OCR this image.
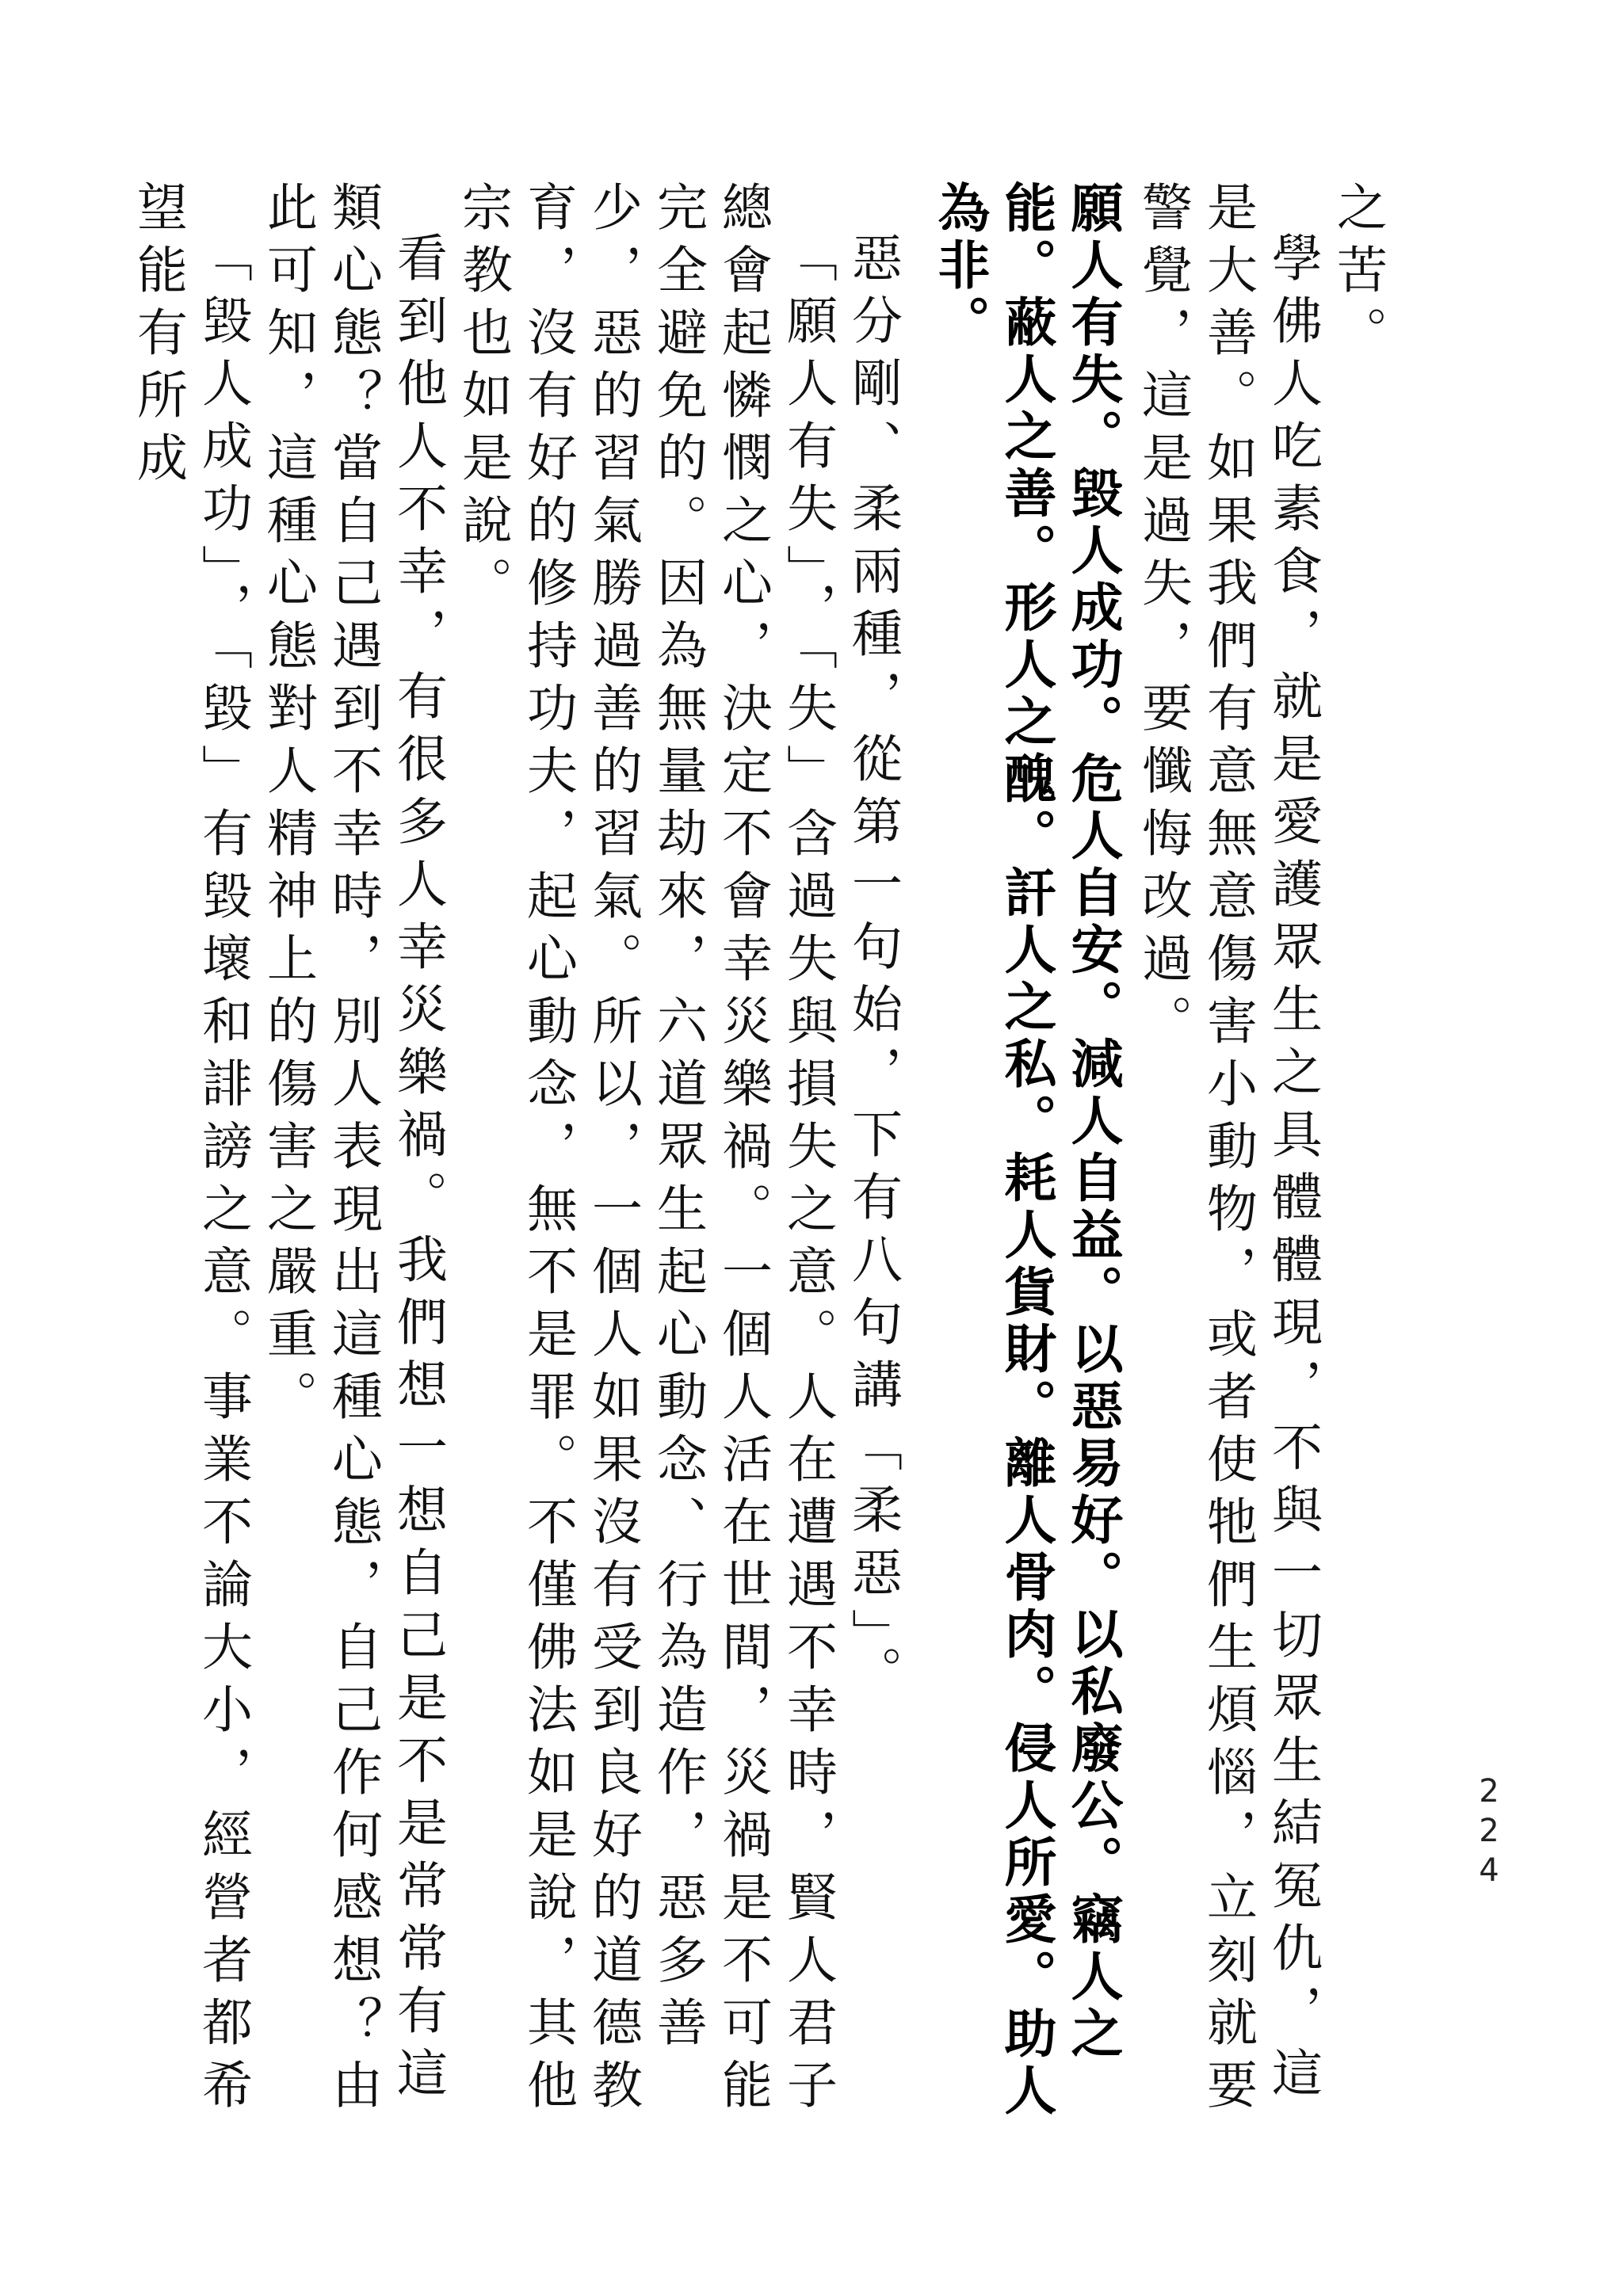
224

之苦。

學佛人吃素食，就是愛護眾生之具體體現，不與一切眾生結冤仇，這是大善。如果我們有意無意傷害小動物，或者使牠們生煩惱，立刻就要警覺，這是過失，要懺悔改過。

願人有失。毀人成功。危人自安。減人自益。以惡易好。以私廢公。竊人之能。蔽人之善。形人之醜。訐人之私。耗人貨財。離人骨肉。侵人所愛。助人為非。

惡分剛、柔兩種，從第一句始，下有八句講「柔惡」。

「願人有失」，「失」含過失與損失之意。人在遭遇不幸時，賢人君子總會起憐憫之心，決定不會幸災樂禍。一個人活在世間，災禍是不可能完全避免的。因為無量劫來，六道眾生起心動念、行為造作，惡多善少，惡的習氣勝過善的習氣。所以，一個人如果沒有受到良好的道德教育，沒有好的修持功夫，起心動念，無不是罪。不僅佛法如是說，其他宗教也如是說。

看到他人不幸，有很多人幸災樂禍。我們想一想自己是不是常常有這類心態？當自己遇到不幸時，別人表現出這種心態，自己作何感想？由此可知，這種心態對人精神上的傷害之嚴重。

「毀人成功」，「毀」有毀壞和誹謗之意。事業不論大小，經營者都希望能有所成
